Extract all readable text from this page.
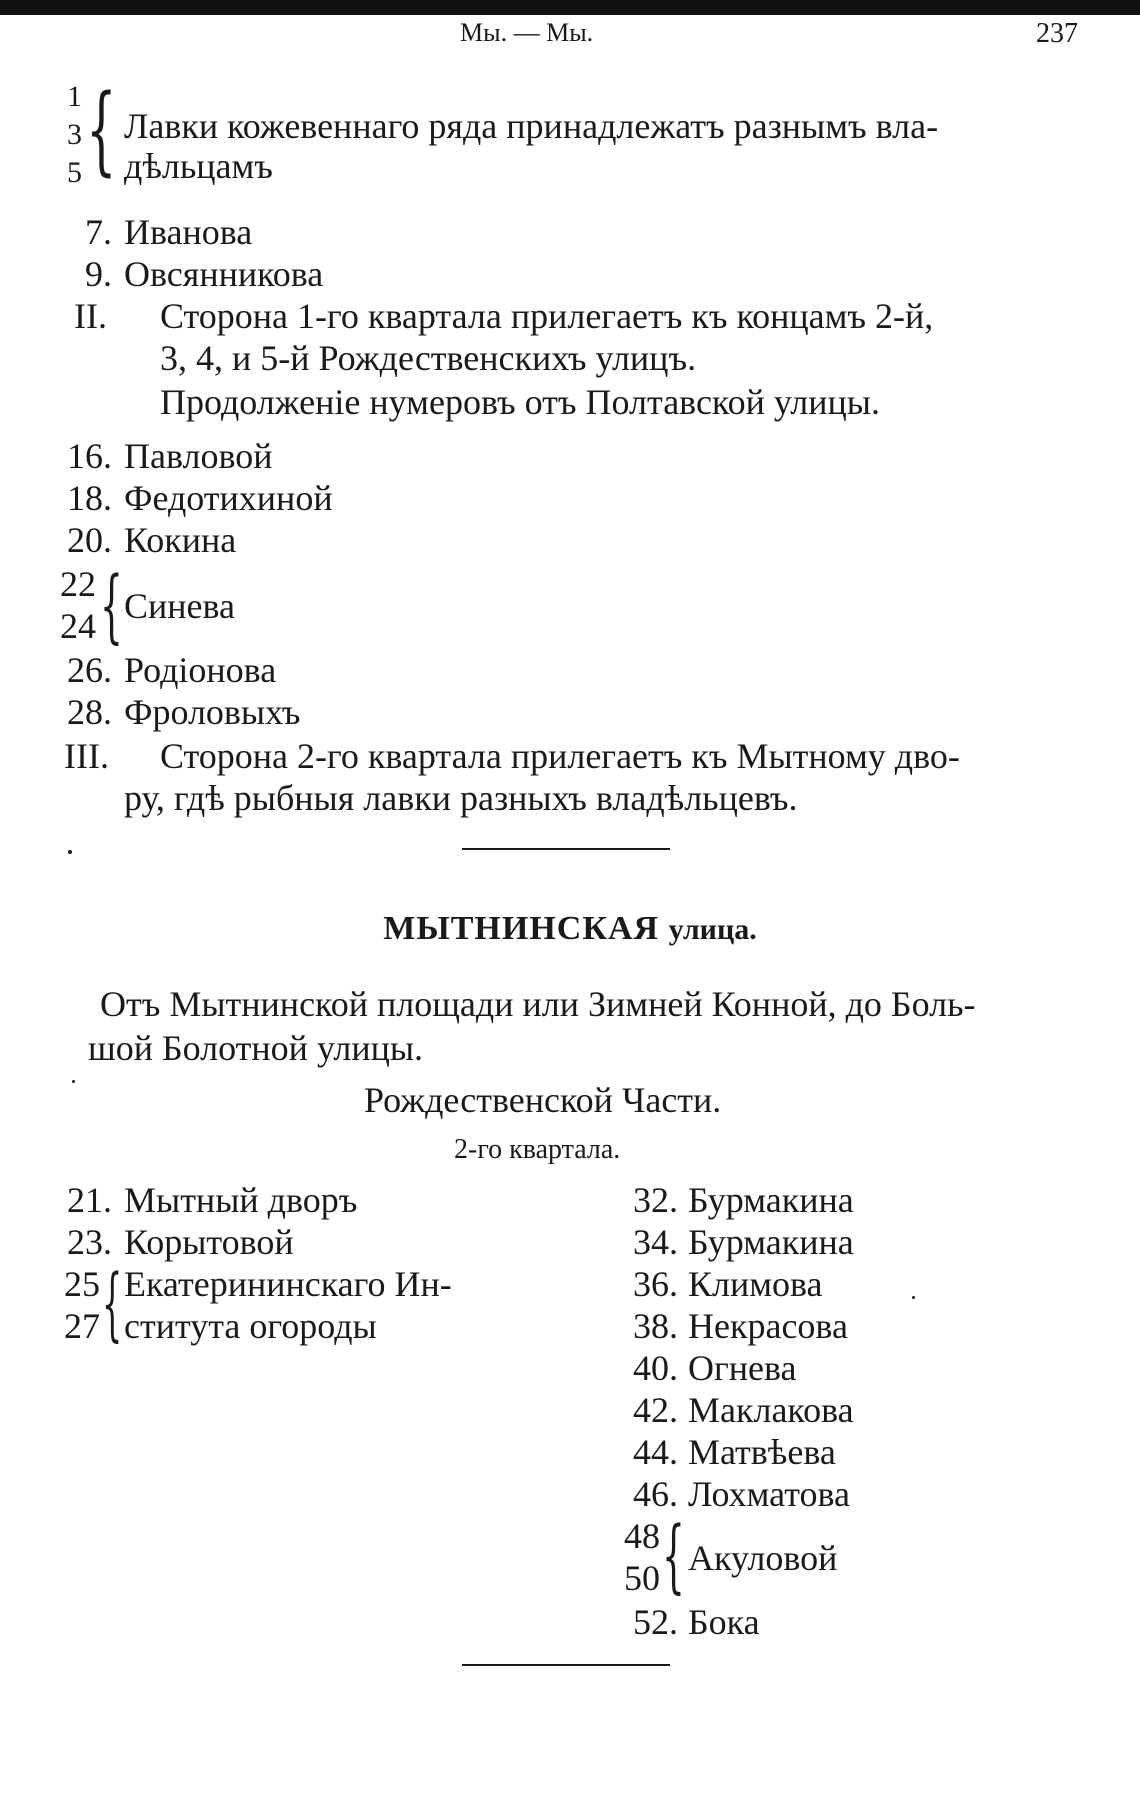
Мы. — Мы.	237
1
3
5 { Лавки кожевеннаго ряда принадлежатъ разнымъ вла-
дѣльцамъ
7. Иванова
9. Овсянникова
II. Сторона 1-го квартала прилегаетъ къ концамъ 2-й,
3, 4, и 5-й Рождественскихъ улицъ.
Продолженіе нумеровъ отъ Полтавской улицы.
16. Павловой
18. Федотихиной
20. Кокина
22
24 { Синева
26. Родіонова
28. Фроловыхъ
III. Сторона 2-го квартала прилегаетъ къ Мытному дво-
ру, гдѣ рыбныя лавки разныхъ владѣльцевъ.
МЫТНИНСКАЯ улица.
Отъ Мытнинской площади или Зимней Конной, до Боль-
шой Болотной улицы.
Рождественской Части.
2-го квартала.
21. Мытный дворъ
23. Корытовой
25
27 { Екатерининскаго Ин-
ститута огороды
32. Бурмакина
34. Бурмакина
36. Климова
38. Некрасова
40. Огнева
42. Маклакова
44. Матвѣева
46. Лохматова
48
50 { Акуловой
52. Бока
